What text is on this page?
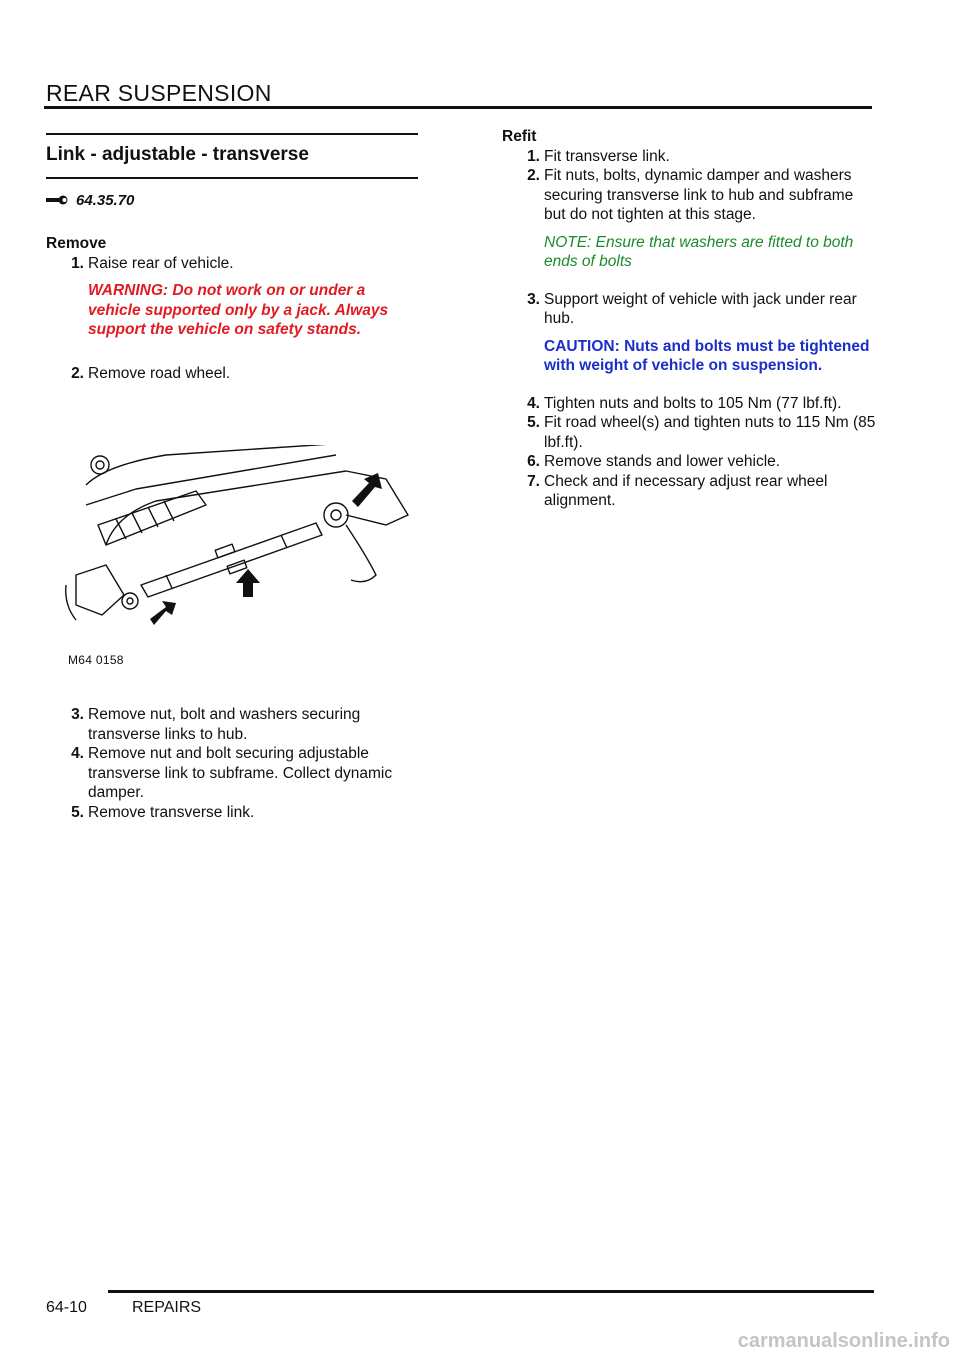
REAR SUSPENSION
Link - adjustable - transverse
64.35.70
Remove
1. Raise rear of vehicle.
WARNING: Do not work on or under a vehicle supported only by a jack. Always support the vehicle on safety stands.
2. Remove road wheel.
M64 0158
3. Remove nut, bolt and washers securing transverse links to hub.
4. Remove nut and bolt securing adjustable transverse link to subframe. Collect dynamic damper.
5. Remove transverse link.
Refit
1. Fit transverse link.
2. Fit nuts, bolts, dynamic damper and washers securing transverse link to hub and subframe but do not tighten at this stage.
NOTE: Ensure that washers are fitted to both ends of bolts
3. Support weight of vehicle with jack under rear hub.
CAUTION: Nuts and bolts must be tightened with weight of vehicle on suspension.
4. Tighten nuts and bolts to 105 Nm (77 lbf.ft).
5. Fit road wheel(s) and tighten nuts to 115 Nm (85 lbf.ft).
6. Remove stands and lower vehicle.
7. Check and if necessary adjust rear wheel alignment.
64-10	REPAIRS
carmanualsonline.info
